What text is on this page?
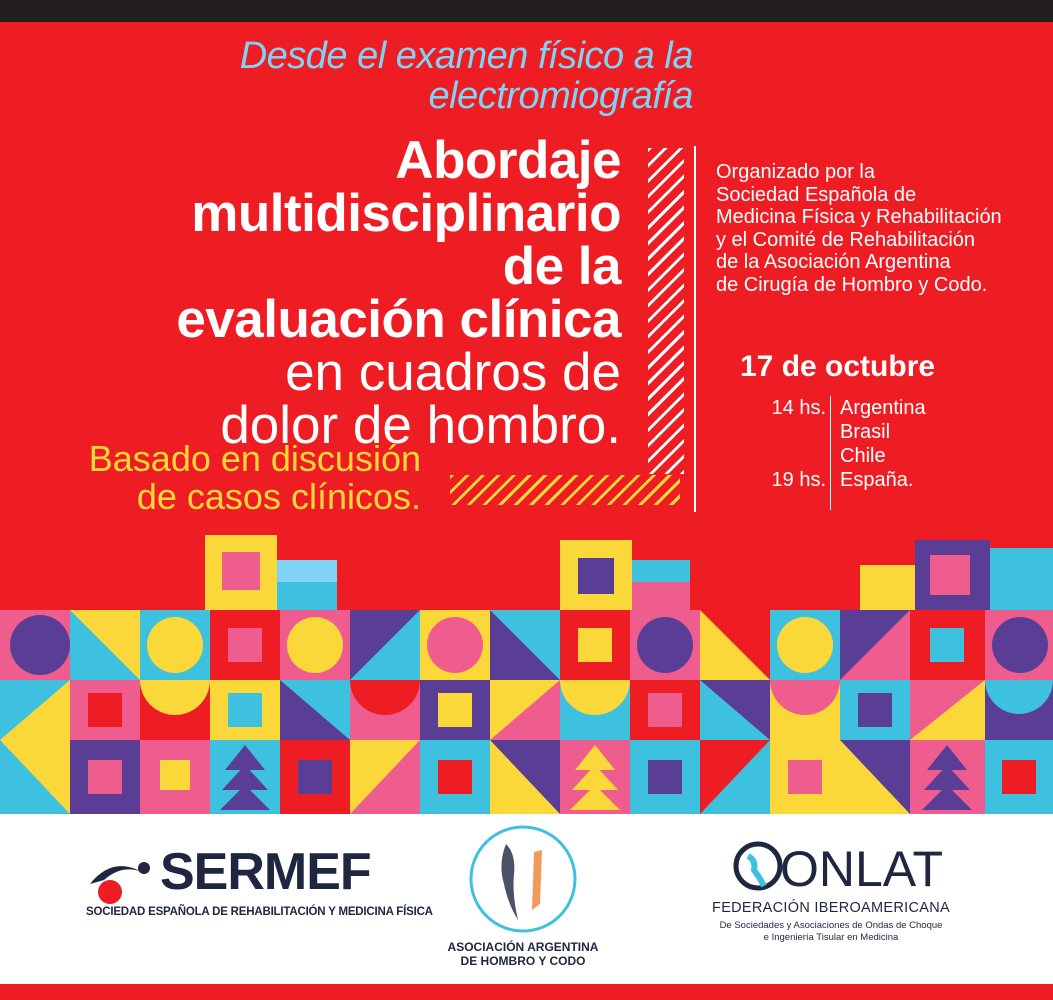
Desde el examen físico a la
electromiografía
Abordaje
multidisciplinario
de la
evaluación clínica
en cuadros de
dolor de hombro.
Basado en discusión
de casos clínicos.
Organizado por la
Sociedad Española de
Medicina Física y Rehabilitación
y el Comité de Rehabilitación
de la Asociación Argentina
de Cirugía de Hombro y Codo.
17 de octubre
14 hs.

19 hs.
Argentina
Brasil
Chile
España.
SERMEF
SOCIEDAD ESPAÑOLA DE REHABILITACIÓN Y MEDICINA FÍSICA
ASOCIACIÓN ARGENTINA
DE HOMBRO Y CODO
ONLAT
FEDERACIÓN IBEROAMERICANA
De Sociedades y Asociaciones de Ondas de Choque
e Ingeniería Tisular en Medicina
